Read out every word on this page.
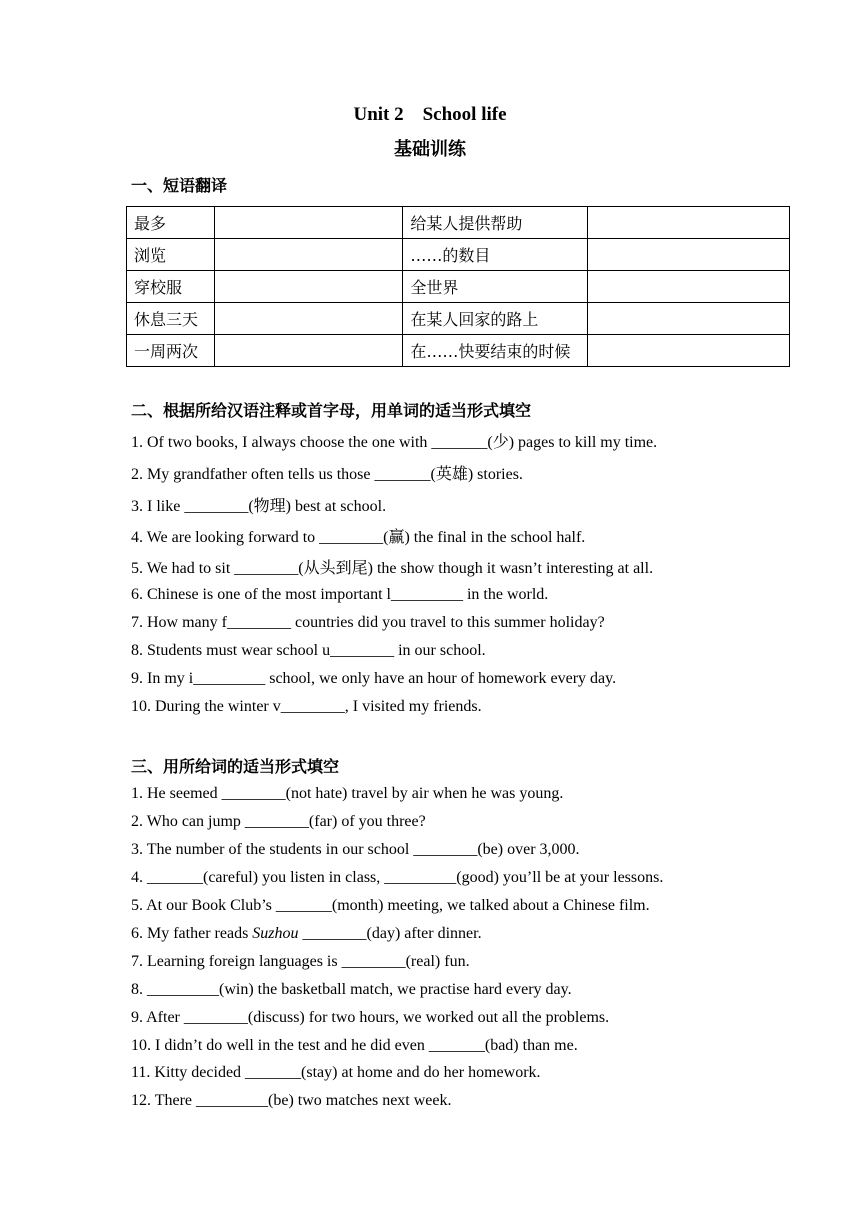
Unit 2    School life
基础训练
一、短语翻译
最多		给某人提供帮助	
浏览		……的数目	
穿校服		全世界	
休息三天		在某人回家的路上	
一周两次		在……快要结束的时候	
二、根据所给汉语注释或首字母，用单词的适当形式填空
1. Of two books, I always choose the one with _______(少) pages to kill my time.
2. My grandfather often tells us those _______(英雄) stories.
3. I like ________(物理) best at school.
4. We are looking forward to ________(赢) the final in the school half.
5. We had to sit ________(从头到尾) the show though it wasn’t interesting at all.
6. Chinese is one of the most important l_________ in the world.
7. How many f________ countries did you travel to this summer holiday?
8. Students must wear school u________ in our school.
9. In my i_________ school, we only have an hour of homework every day.
10. During the winter v________, I visited my friends.
三、用所给词的适当形式填空
1. He seemed ________(not hate) travel by air when he was young.
2. Who can jump ________(far) of you three?
3. The number of the students in our school ________(be) over 3,000.
4. _______(careful) you listen in class, _________(good) you’ll be at your lessons.
5. At our Book Club’s _______(month) meeting, we talked about a Chinese film.
6. My father reads Suzhou ________(day) after dinner.
7. Learning foreign languages is ________(real) fun.
8. _________(win) the basketball match, we practise hard every day.
9. After ________(discuss) for two hours, we worked out all the problems.
10. I didn’t do well in the test and he did even _______(bad) than me.
11. Kitty decided _______(stay) at home and do her homework.
12. There _________(be) two matches next week.
